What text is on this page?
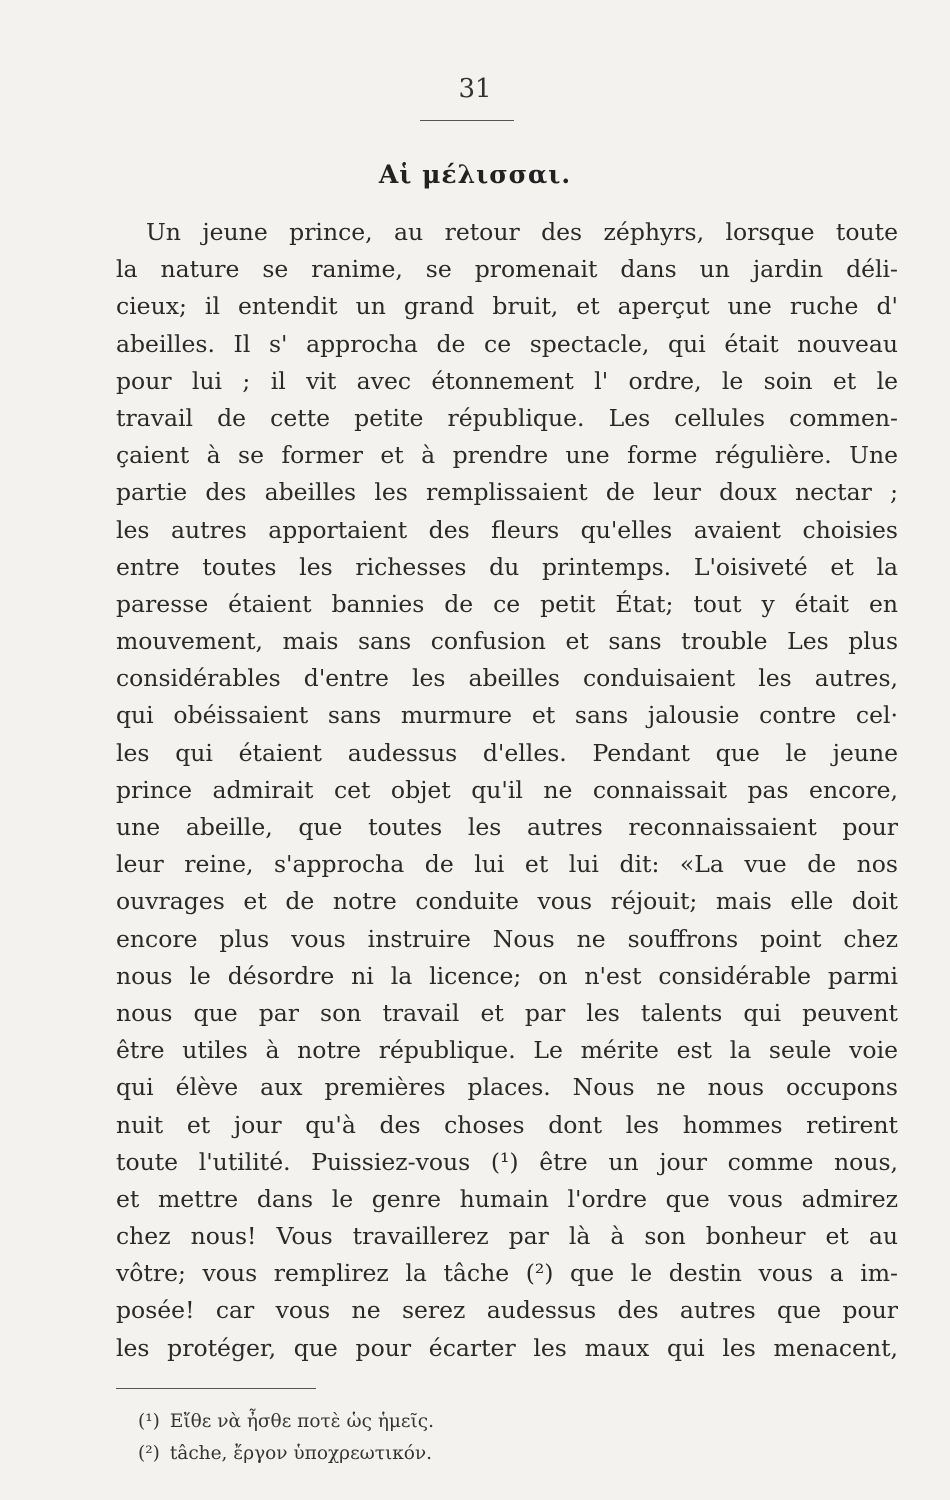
31
Αἱ μέλισσαι.
Un jeune prince, au retour des zéphyrs, lorsque toute
la nature se ranime, se promenait dans un jardin déli-
cieux; il entendit un grand bruit, et aperçut une ruche d'
abeilles. Il s' approcha de ce spectacle, qui était nouveau
pour lui ; il vit avec étonnement l' ordre, le soin et le
travail de cette petite république. Les cellules commen-
çaient à se former et à prendre une forme régulière. Une
partie des abeilles les remplissaient de leur doux nectar ;
les autres apportaient des fleurs qu'elles avaient choisies
entre toutes les richesses du printemps. L'oisiveté et la
paresse étaient bannies de ce petit État; tout y était en
mouvement, mais sans confusion et sans trouble Les plus
considérables d'entre les abeilles conduisaient les autres,
qui obéissaient sans murmure et sans jalousie contre cel·
les qui étaient audessus d'elles. Pendant que le jeune
prince admirait cet objet qu'il ne connaissait pas encore,
une abeille, que toutes les autres reconnaissaient pour
leur reine, s'approcha de lui et lui dit: «La vue de nos
ouvrages et de notre conduite vous réjouit; mais elle doit
encore plus vous instruire Nous ne souffrons point chez
nous le désordre ni la licence; on n'est considérable parmi
nous que par son travail et par les talents qui peuvent
être utiles à notre république. Le mérite est la seule voie
qui élève aux premières places. Nous ne nous occupons
nuit et jour qu'à des choses dont les hommes retirent
toute l'utilité. Puissiez-vous (¹) être un jour comme nous,
et mettre dans le genre humain l'ordre que vous admirez
chez nous! Vous travaillerez par là à son bonheur et au
vôtre; vous remplirez la tâche (²) que le destin vous a im-
posée! car vous ne serez audessus des autres que pour
les protéger, que pour écarter les maux qui les menacent,
(¹) Εἴθε νὰ ἦσθε ποτὲ ὡς ἡμεῖς.
(²) tâche, ἔργον ὑποχρεωτικόν.
